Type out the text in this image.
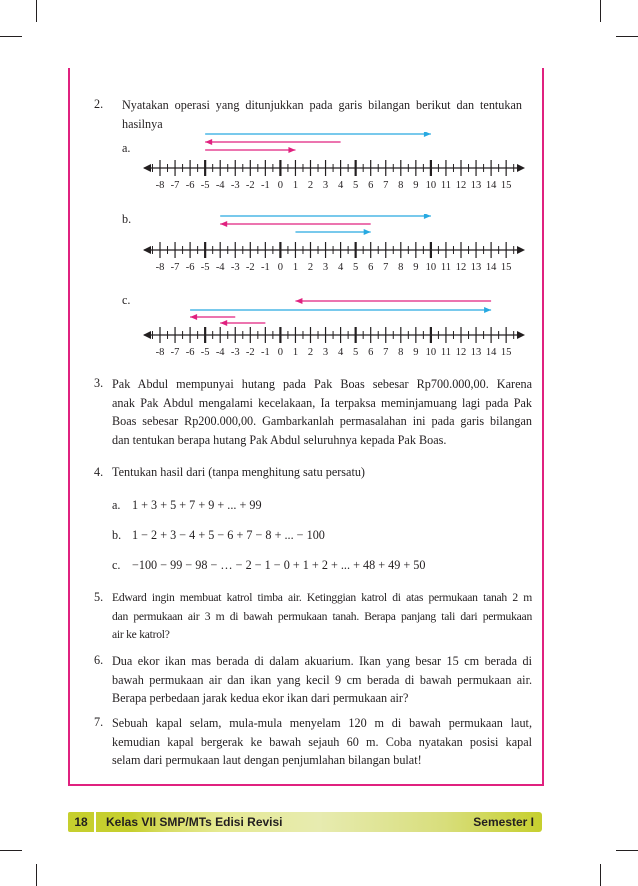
2. Nyatakan operasi yang ditunjukkan pada garis bilangan berikut dan tentukan hasilnya
a.
-8 -7 -6 -5 -4 -3 -2 -1 0 1 2 3 4 5 6 7 8 9 10 11 12 13 14 15
b.
-8 -7 -6 -5 -4 -3 -2 -1 0 1 2 3 4 5 6 7 8 9 10 11 12 13 14 15
c.
-8 -7 -6 -5 -4 -3 -2 -1 0 1 2 3 4 5 6 7 8 9 10 11 12 13 14 15
3. Pak Abdul mempunyai hutang pada Pak Boas sebesar Rp700.000,00. Karena
anak Pak Abdul mengalami kecelakaan, Ia terpaksa meminjamuang lagi pada Pak
Boas sebesar Rp200.000,00. Gambarkanlah permasalahan ini pada garis bilangan
dan tentukan berapa hutang Pak Abdul seluruhnya kepada Pak Boas.
4. Tentukan hasil dari (tanpa menghitung satu persatu)
a. 1 + 3 + 5 + 7 + 9 + ... + 99
b. 1 − 2 + 3 − 4 + 5 − 6 + 7 − 8 + ... − 100
c. −100 − 99 − 98 − … − 2 − 1 − 0 + 1 + 2 + ... + 48 + 49 + 50
5. Edward ingin membuat katrol timba air. Ketinggian katrol di atas permukaan tanah 2 m
dan permukaan air 3 m di bawah permukaan tanah. Berapa panjang tali dari permukaan
air ke katrol?
6. Dua ekor ikan mas berada di dalam akuarium. Ikan yang besar 15 cm berada di
bawah permukaan air dan ikan yang kecil 9 cm berada di bawah permukaan air.
Berapa perbedaan jarak kedua ekor ikan dari permukaan air?
7. Sebuah kapal selam, mula-mula menyelam 120 m di bawah permukaan laut,
kemudian kapal bergerak ke bawah sejauh 60 m. Coba nyatakan posisi kapal
selam dari permukaan laut dengan penjumlahan bilangan bulat!
18	Kelas VII SMP/MTs Edisi Revisi	Semester I
